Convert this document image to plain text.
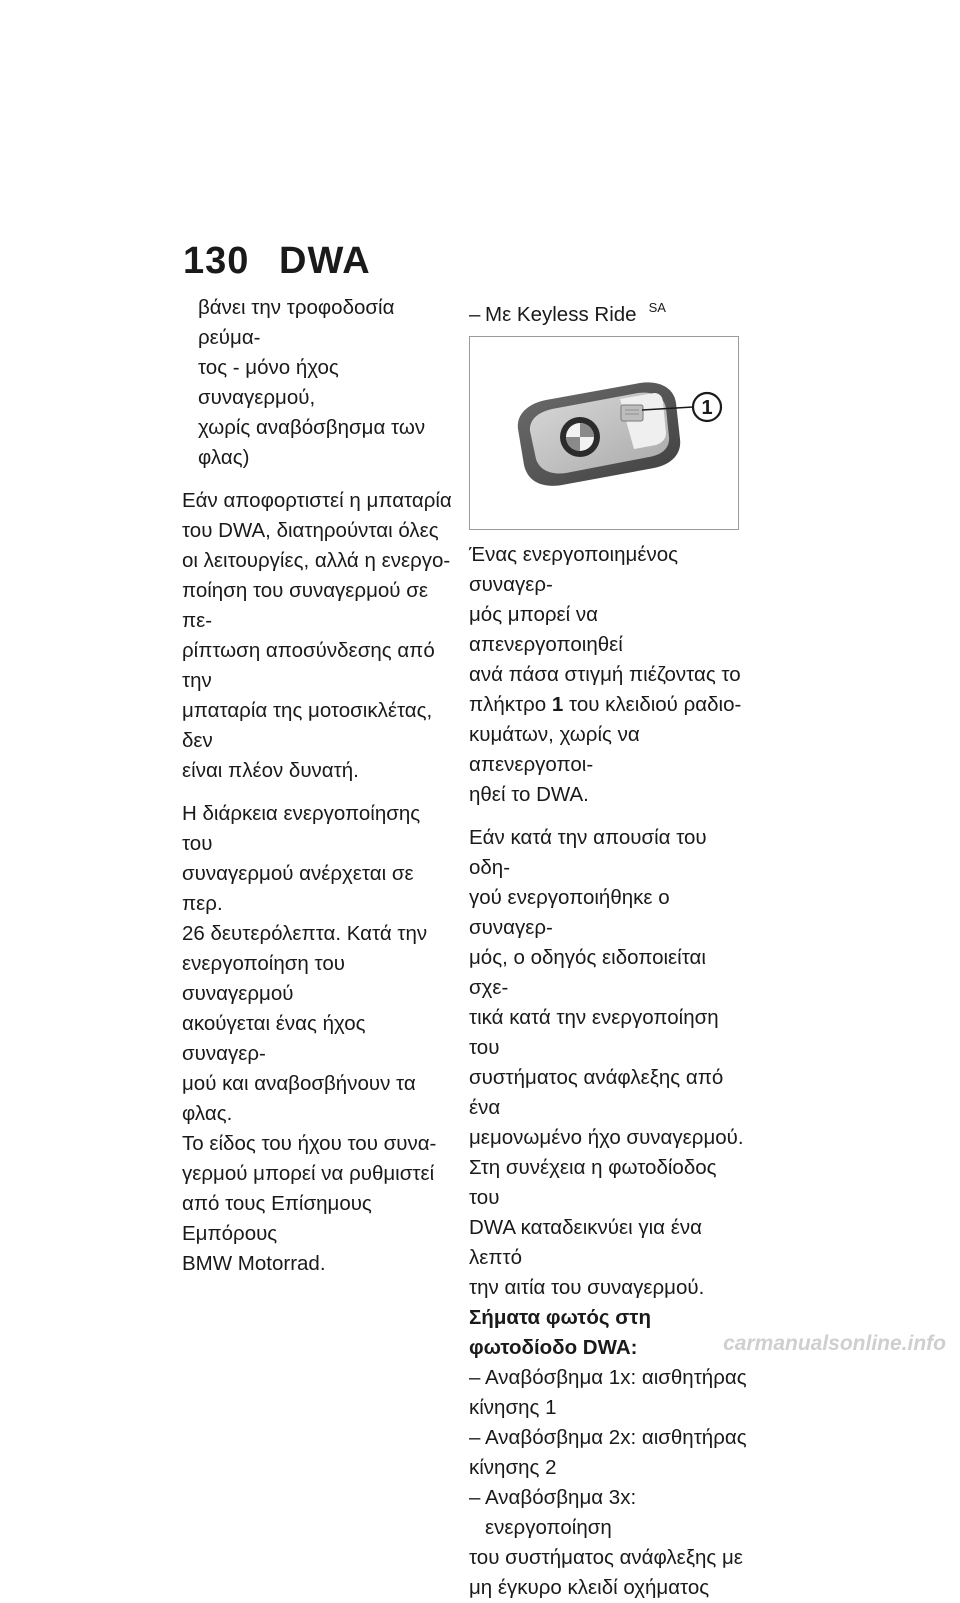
130 DWA
βάνει την τροφοδοσία ρεύμα-
τος - μόνο ήχος συναγερμού,
χωρίς αναβόσβησμα των φλας)
Εάν αποφορτιστεί η μπαταρία
του DWA, διατηρούνται όλες
οι λειτουργίες, αλλά η ενεργο-
ποίηση του συναγερμού σε πε-
ρίπτωση αποσύνδεσης από την
μπαταρία της μοτοσικλέτας, δεν
είναι πλέον δυνατή.
Η διάρκεια ενεργοποίησης του
συναγερμού ανέρχεται σε περ.
26 δευτερόλεπτα. Κατά την
ενεργοποίηση του συναγερμού
ακούγεται ένας ήχος συναγερ-
μού και αναβοσβήνουν τα φλας.
Το είδος του ήχου του συνα-
γερμού μπορεί να ρυθμιστεί
από τους Επίσημους Εμπόρους
BMW Motorrad.
– Με Keyless Ride $^{SA}$
1
Ένας ενεργοποιημένος συναγερ-
μός μπορεί να απενεργοποιηθεί
ανά πάσα στιγμή πιέζοντας το
πλήκτρο 1 του κλειδιού ραδιο-
κυμάτων, χωρίς να απενεργοποι-
ηθεί το DWA.
Εάν κατά την απουσία του οδη-
γού ενεργοποιήθηκε ο συναγερ-
μός, ο οδηγός ειδοποιείται σχε-
τικά κατά την ενεργοποίηση του
συστήματος ανάφλεξης από ένα
μεμονωμένο ήχο συναγερμού.
Στη συνέχεια η φωτοδίοδος του
DWA καταδεικνύει για ένα λεπτό
την αιτία του συναγερμού.
Σήματα φωτός στη
φωτοδίοδο DWA:
– Αναβόσβημα 1x: αισθητήρας
κίνησης 1
– Αναβόσβημα 2x: αισθητήρας
κίνησης 2
– Αναβόσβημα 3x: ενεργοποίηση
του συστήματος ανάφλεξης με
μη έγκυρο κλειδί οχήματος
carmanualsonline.info
